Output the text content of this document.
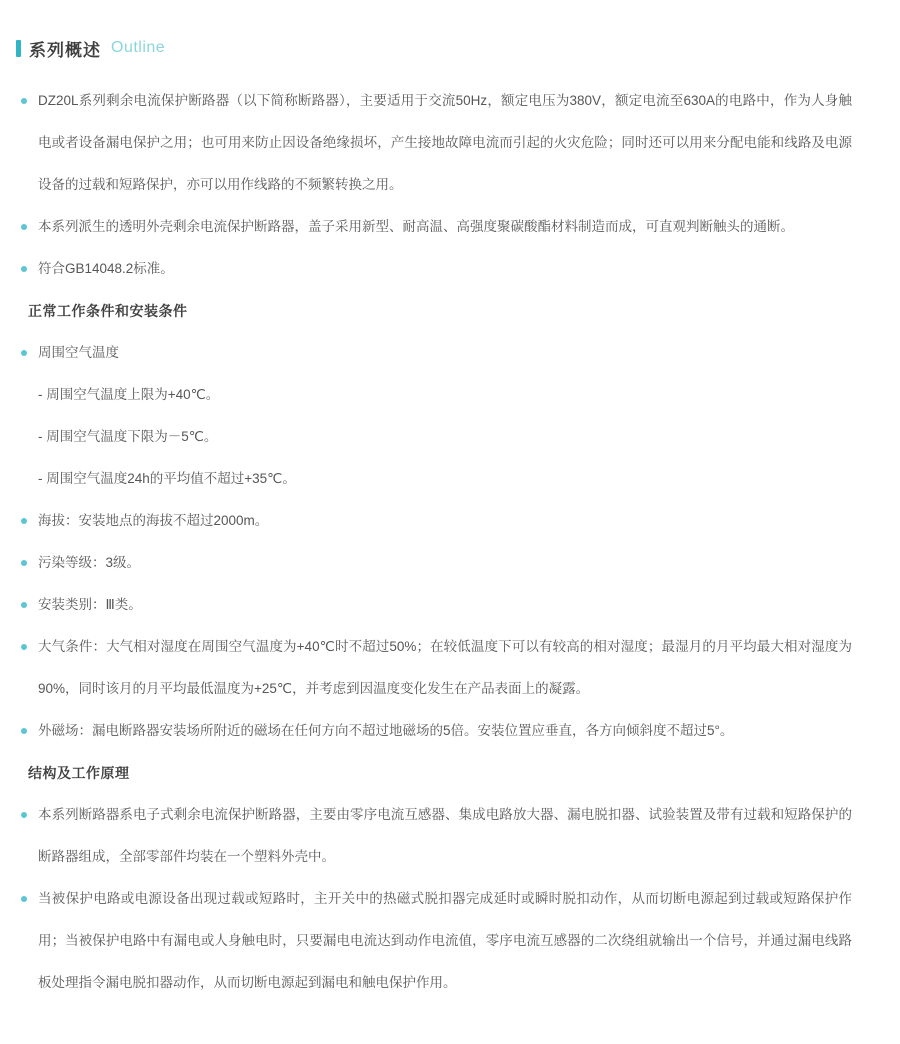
系列概述 Outline
DZ20L系列剩余电流保护断路器（以下简称断路器），主要适用于交流50Hz，额定电压为380V，额定电流至630A的电路中，作为人身触电或者设备漏电保护之用；也可用来防止因设备绝缘损坏，产生接地故障电流而引起的火灾危险；同时还可以用来分配电能和线路及电源设备的过载和短路保护，亦可以用作线路的不频繁转换之用。
本系列派生的透明外壳剩余电流保护断路器，盖子采用新型、耐高温、高强度聚碳酸酯材料制造而成，可直观判断触头的通断。
符合GB14048.2标准。
正常工作条件和安装条件
周围空气温度
- 周围空气温度上限为+40℃。
- 周围空气温度下限为－5℃。
- 周围空气温度24h的平均值不超过+35℃。
海拔：安装地点的海拔不超过2000m。
污染等级：3级。
安装类别：Ⅲ类。
大气条件：大气相对湿度在周围空气温度为+40℃时不超过50%；在较低温度下可以有较高的相对湿度；最湿月的月平均最大相对湿度为90%，同时该月的月平均最低温度为+25℃，并考虑到因温度变化发生在产品表面上的凝露。
外磁场：漏电断路器安装场所附近的磁场在任何方向不超过地磁场的5倍。安装位置应垂直，各方向倾斜度不超过5°。
结构及工作原理
本系列断路器系电子式剩余电流保护断路器，主要由零序电流互感器、集成电路放大器、漏电脱扣器、试验装置及带有过载和短路保护的断路器组成，全部零部件均装在一个塑料外壳中。
当被保护电路或电源设备出现过载或短路时，主开关中的热磁式脱扣器完成延时或瞬时脱扣动作，从而切断电源起到过载或短路保护作用；当被保护电路中有漏电或人身触电时，只要漏电电流达到动作电流值，零序电流互感器的二次绕组就输出一个信号，并通过漏电线路板处理指令漏电脱扣器动作，从而切断电源起到漏电和触电保护作用。
